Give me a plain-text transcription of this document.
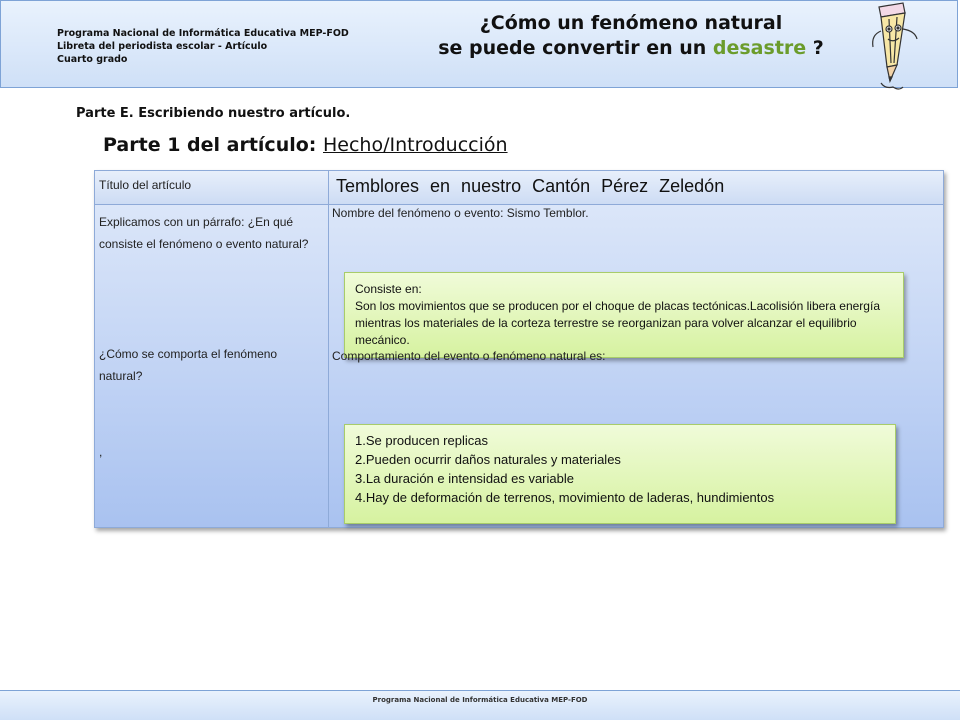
Programa Nacional de Informática Educativa MEP-FOD
Libreta del periodista escolar - Artículo
Cuarto grado
¿Cómo un fenómeno natural
se puede convertir en un desastre ?
Parte E. Escribiendo nuestro artículo.
Parte 1 del artículo: Hecho/Introducción
Título del artículo	Temblores en nuestro Cantón Pérez Zeledón
Explicamos con un párrafo: ¿En qué consiste el fenómeno o evento natural?
¿Cómo se comporta el fenómeno natural?
,
Nombre del fenómeno o evento: Sismo Temblor.
Consiste en:
Son los movimientos que se producen por el choque de placas tectónicas.Lacolisión libera energía mientras los materiales de la corteza terrestre se reorganizan para volver alcanzar el equilibrio mecánico.
Comportamiento del evento o fenómeno natural es:
1.Se producen replicas
2.Pueden ocurrir daños naturales y materiales
3.La duración e intensidad es variable
4.Hay de deformación de terrenos, movimiento de laderas, hundimientos
Programa Nacional de Informática Educativa MEP-FOD
